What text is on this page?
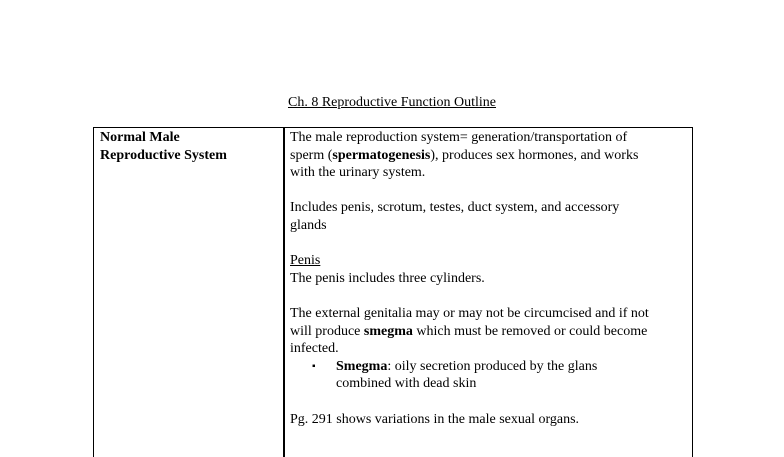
Ch. 8 Reproductive Function Outline
Normal Male
Reproductive System

The male reproduction system= generation/transportation of
sperm (spermatogenesis), produces sex hormones, and works
with the urinary system.

Includes penis, scrotum, testes, duct system, and accessory
glands

Penis
The penis includes three cylinders.

The external genitalia may or may not be circumcised and if not
will produce smegma which must be removed or could become
infected.

▪ Smegma: oily secretion produced by the glans
combined with dead skin

Pg. 291 shows variations in the male sexual organs.
